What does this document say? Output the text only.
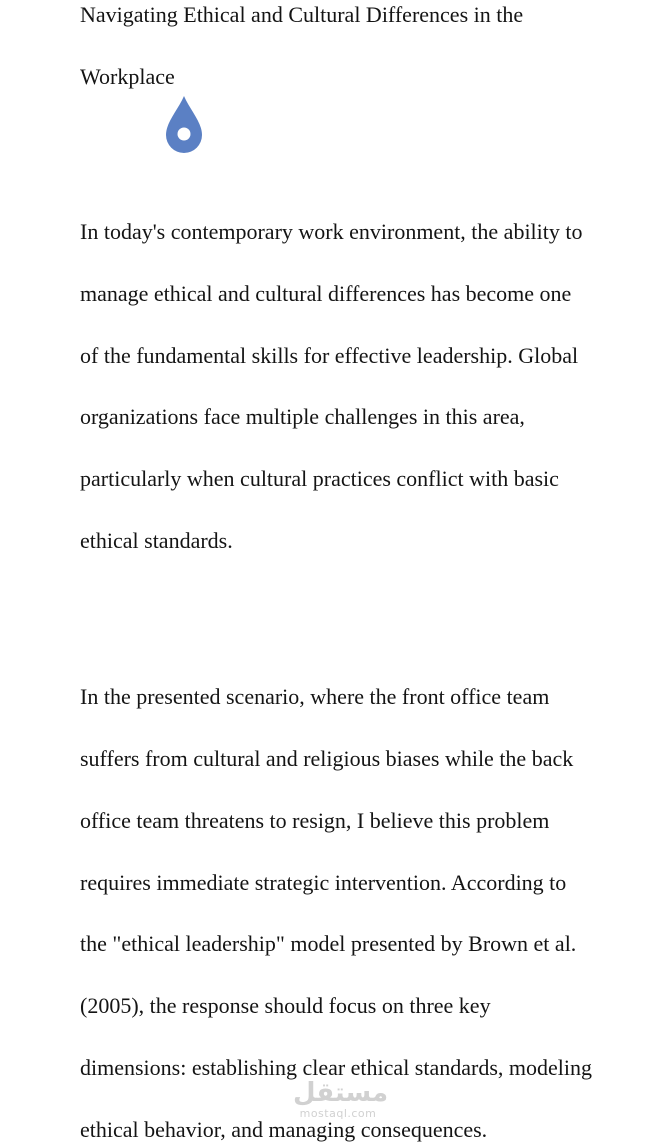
Navigating Ethical and Cultural Differences in the
Workplace
In today's contemporary work environment, the ability to
manage ethical and cultural differences has become one
of the fundamental skills for effective leadership. Global
organizations face multiple challenges in this area,
particularly when cultural practices conflict with basic
ethical standards.
In the presented scenario, where the front office team
suffers from cultural and religious biases while the back
office team threatens to resign, I believe this problem
requires immediate strategic intervention. According to
the "ethical leadership" model presented by Brown et al.
(2005), the response should focus on three key
dimensions: establishing clear ethical standards, modeling
ethical behavior, and managing consequences.
مستقل
mostaql.com
